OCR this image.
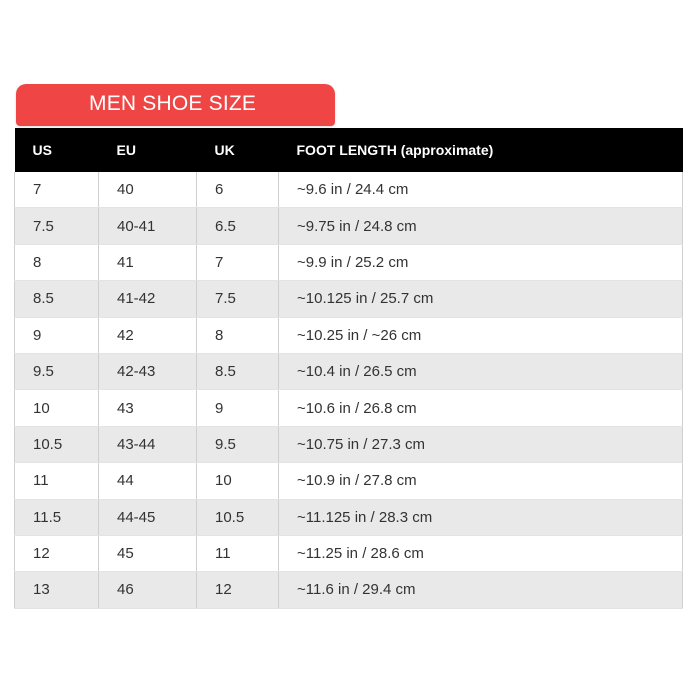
MEN SHOE SIZE
US	EU	UK	FOOT LENGTH (approximate)
7	40	6	~9.6 in / 24.4 cm
7.5	40-41	6.5	~9.75 in / 24.8 cm
8	41	7	~9.9 in / 25.2 cm
8.5	41-42	7.5	~10.125 in / 25.7 cm
9	42	8	~10.25 in / ~26 cm
9.5	42-43	8.5	~10.4 in / 26.5 cm
10	43	9	~10.6 in / 26.8 cm
10.5	43-44	9.5	~10.75 in / 27.3 cm
11	44	10	~10.9 in / 27.8 cm
11.5	44-45	10.5	~11.125 in / 28.3 cm
12	45	11	~11.25 in / 28.6 cm
13	46	12	~11.6 in / 29.4 cm
